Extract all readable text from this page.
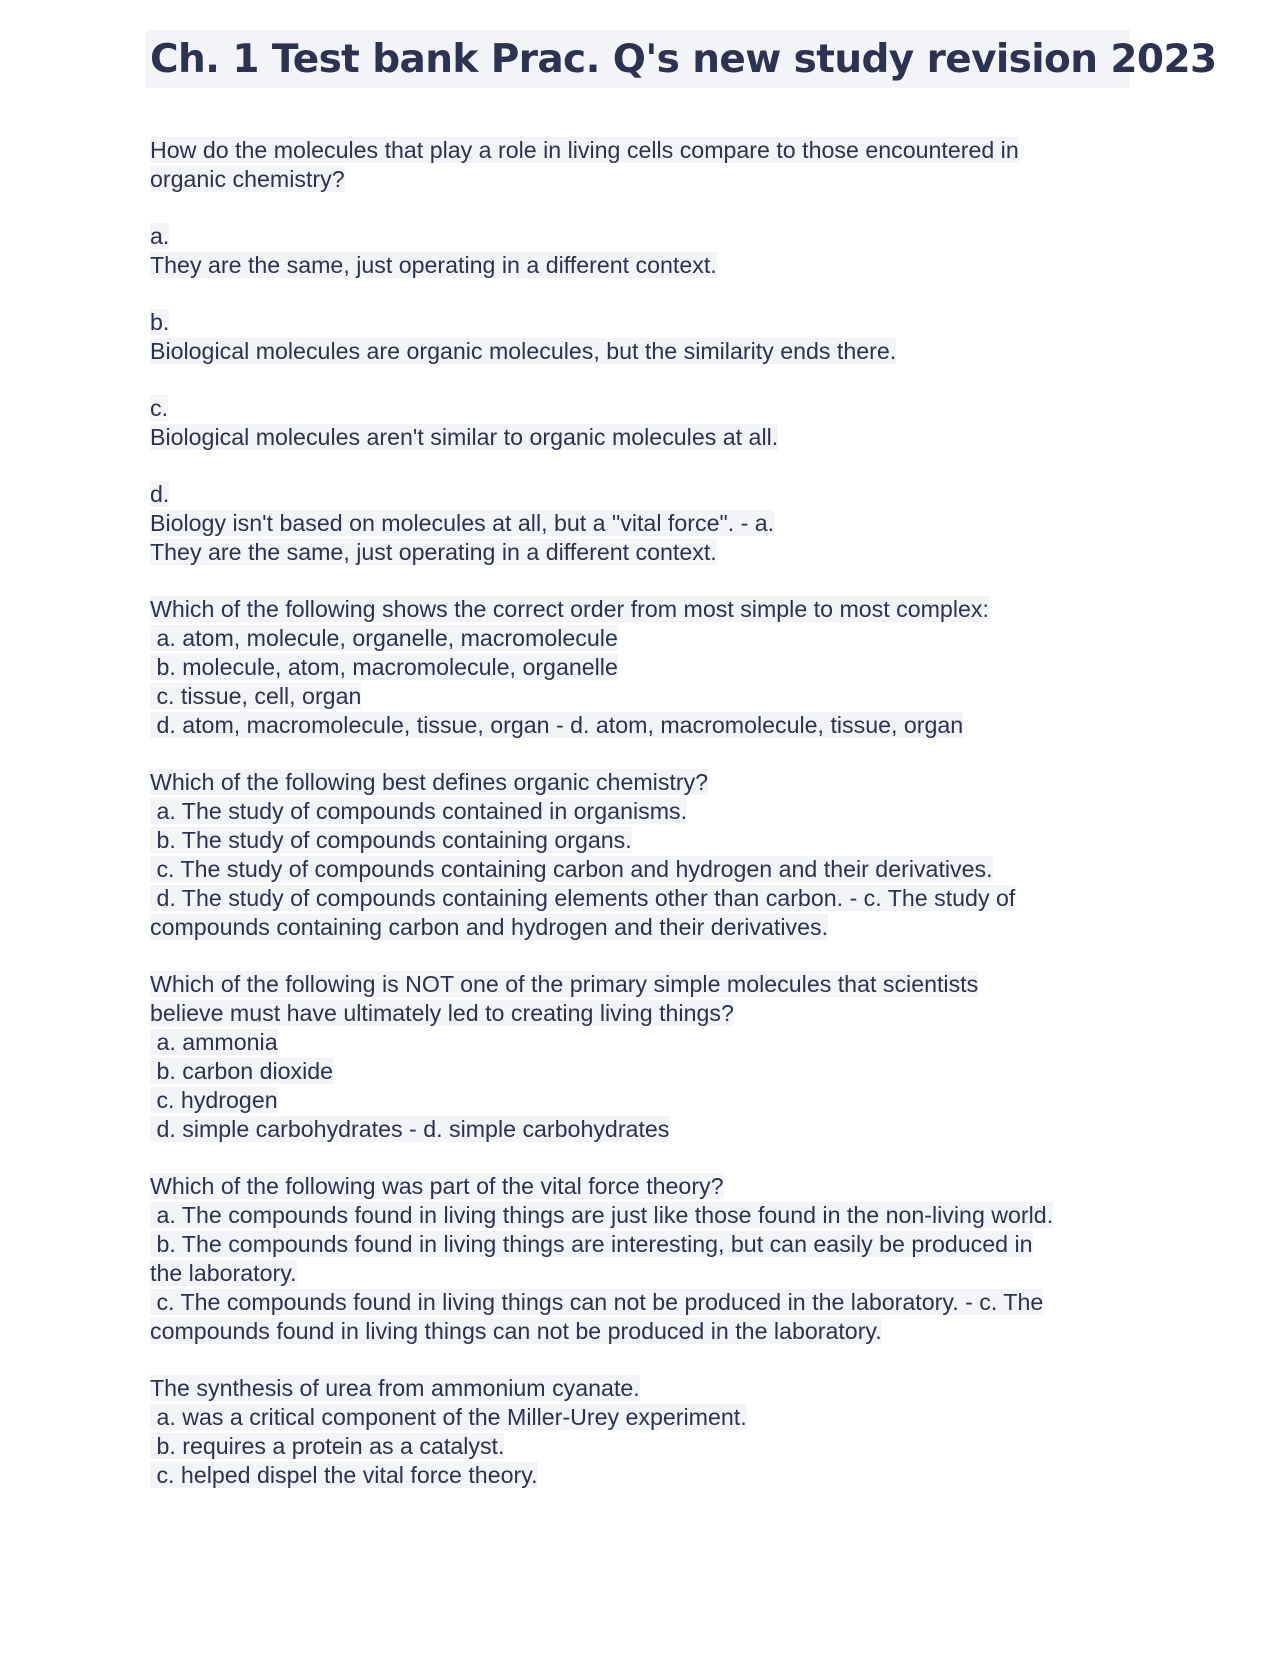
Ch. 1 Test bank Prac. Q's new study revision 2023
How do the molecules that play a role in living cells compare to those encountered in
organic chemistry?
a.
They are the same, just operating in a different context.
b.
Biological molecules are organic molecules, but the similarity ends there.
c.
Biological molecules aren't similar to organic molecules at all.
d.
Biology isn't based on molecules at all, but a "vital force". - a.
They are the same, just operating in a different context.
Which of the following shows the correct order from most simple to most complex:
a. atom, molecule, organelle, macromolecule
b. molecule, atom, macromolecule, organelle
c. tissue, cell, organ
d. atom, macromolecule, tissue, organ - d. atom, macromolecule, tissue, organ
Which of the following best defines organic chemistry?
a. The study of compounds contained in organisms.
b. The study of compounds containing organs.
c. The study of compounds containing carbon and hydrogen and their derivatives.
d. The study of compounds containing elements other than carbon. - c. The study of
compounds containing carbon and hydrogen and their derivatives.
Which of the following is NOT one of the primary simple molecules that scientists
believe must have ultimately led to creating living things?
a. ammonia
b. carbon dioxide
c. hydrogen
d. simple carbohydrates - d. simple carbohydrates
Which of the following was part of the vital force theory?
a. The compounds found in living things are just like those found in the non-living world.
b. The compounds found in living things are interesting, but can easily be produced in
the laboratory.
c. The compounds found in living things can not be produced in the laboratory. - c. The
compounds found in living things can not be produced in the laboratory.
The synthesis of urea from ammonium cyanate.
a. was a critical component of the Miller-Urey experiment.
b. requires a protein as a catalyst.
c. helped dispel the vital force theory.
